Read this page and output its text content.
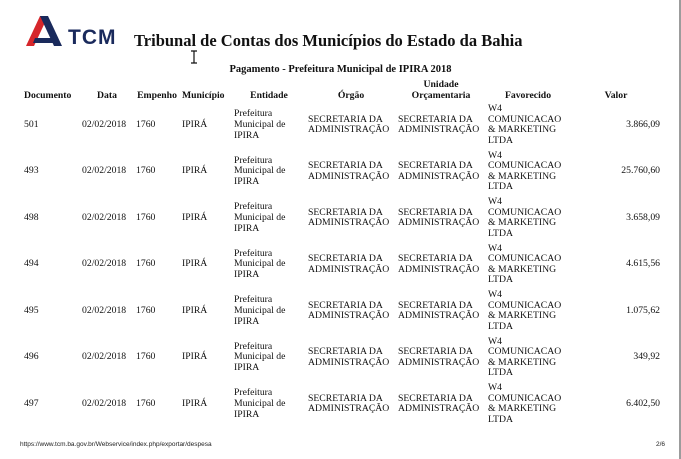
TCM Tribunal de Contas dos Municípios do Estado da Bahia
Pagamento - Prefeitura Municipal de IPIRA 2018
Documento	Data	Empenho	Município	Entidade	Órgão	Unidade Orçamentaria	Favorecido	Valor
501	02/02/2018	1760	IPIRÁ	Prefeitura Municipal de IPIRA	SECRETARIA DA ADMINISTRAÇÃO	SECRETARIA DA ADMINISTRAÇÃO	W4 COMUNICACAO & MARKETING LTDA	3.866,09
493	02/02/2018	1760	IPIRÁ	Prefeitura Municipal de IPIRA	SECRETARIA DA ADMINISTRAÇÃO	SECRETARIA DA ADMINISTRAÇÃO	W4 COMUNICACAO & MARKETING LTDA	25.760,60
498	02/02/2018	1760	IPIRÁ	Prefeitura Municipal de IPIRA	SECRETARIA DA ADMINISTRAÇÃO	SECRETARIA DA ADMINISTRAÇÃO	W4 COMUNICACAO & MARKETING LTDA	3.658,09
494	02/02/2018	1760	IPIRÁ	Prefeitura Municipal de IPIRA	SECRETARIA DA ADMINISTRAÇÃO	SECRETARIA DA ADMINISTRAÇÃO	W4 COMUNICACAO & MARKETING LTDA	4.615,56
495	02/02/2018	1760	IPIRÁ	Prefeitura Municipal de IPIRA	SECRETARIA DA ADMINISTRAÇÃO	SECRETARIA DA ADMINISTRAÇÃO	W4 COMUNICACAO & MARKETING LTDA	1.075,62
496	02/02/2018	1760	IPIRÁ	Prefeitura Municipal de IPIRA	SECRETARIA DA ADMINISTRAÇÃO	SECRETARIA DA ADMINISTRAÇÃO	W4 COMUNICACAO & MARKETING LTDA	349,92
497	02/02/2018	1760	IPIRÁ	Prefeitura Municipal de IPIRA	SECRETARIA DA ADMINISTRAÇÃO	SECRETARIA DA ADMINISTRAÇÃO	W4 COMUNICACAO & MARKETING LTDA	6.402,50
https://www.tcm.ba.gov.br/Webservice/index.php/exportar/despesa	2/6
